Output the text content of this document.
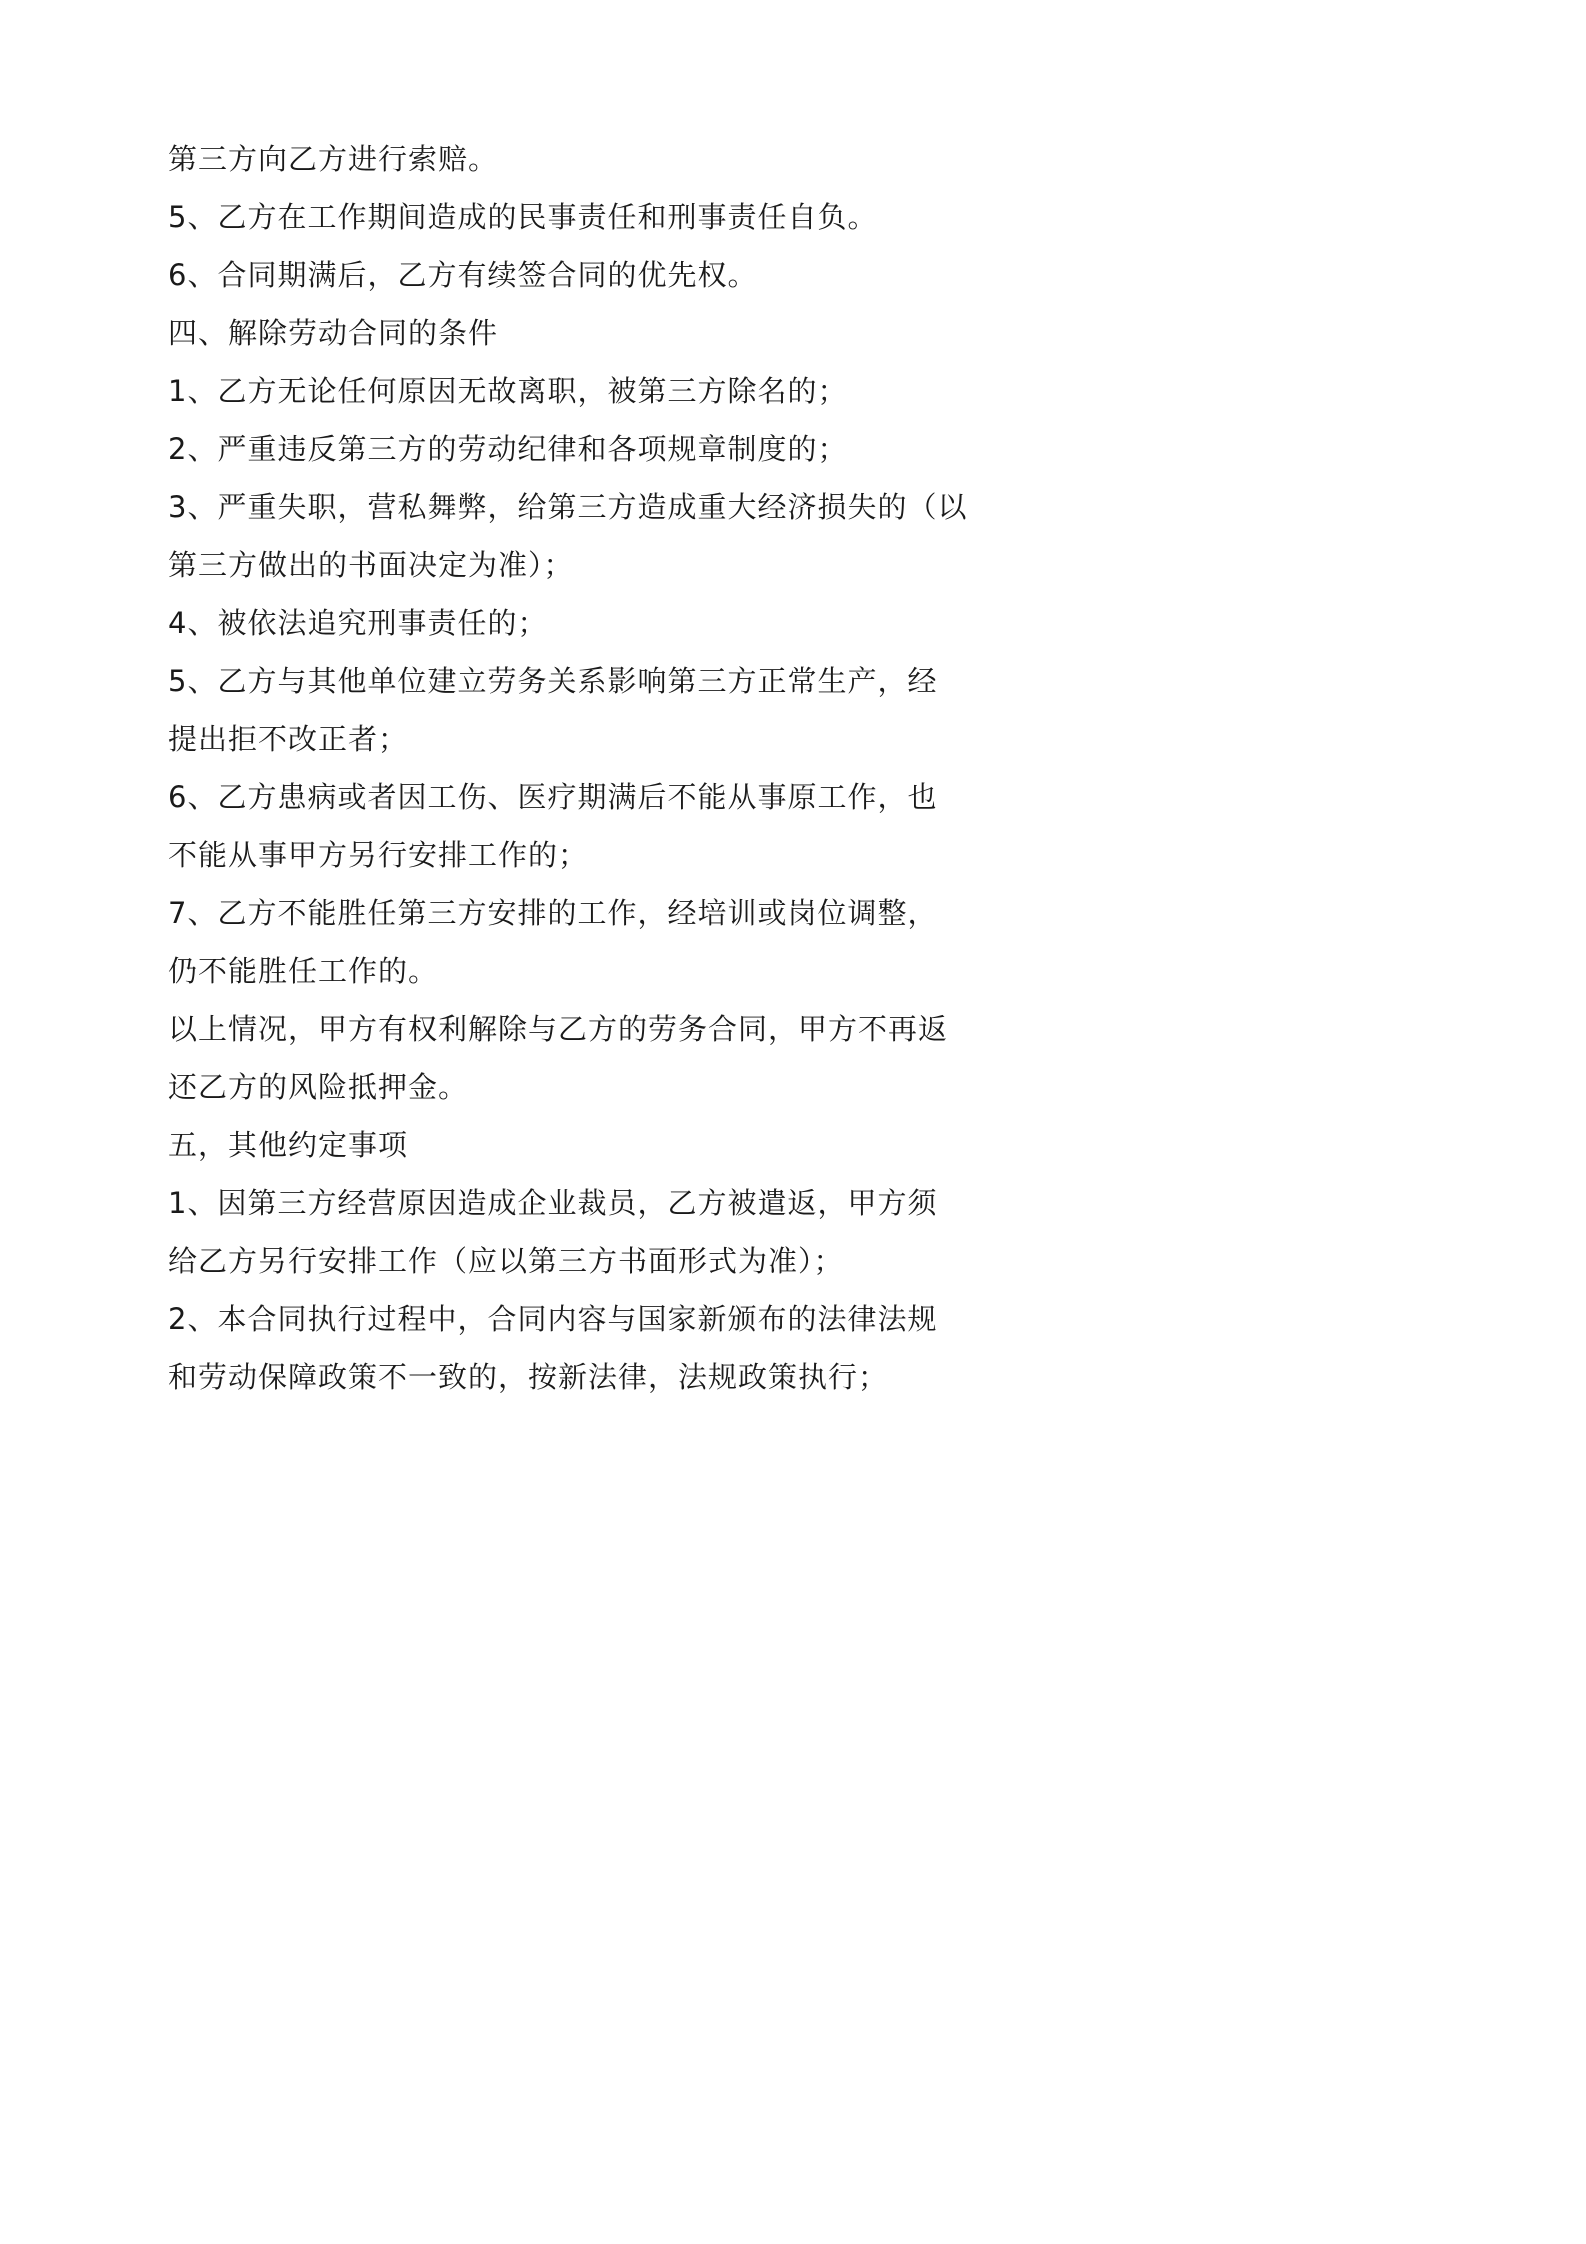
第三方向乙方进行索赔。

5、乙方在工作期间造成的民事责任和刑事责任自负。

6、合同期满后，乙方有续签合同的优先权。

四、解除劳动合同的条件

1、乙方无论任何原因无故离职，被第三方除名的；

2、严重违反第三方的劳动纪律和各项规章制度的；

3、严重失职，营私舞弊，给第三方造成重大经济损失的（以

第三方做出的书面决定为准）；

4、被依法追究刑事责任的；

5、乙方与其他单位建立劳务关系影响第三方正常生产，经

提出拒不改正者；

6、乙方患病或者因工伤、医疗期满后不能从事原工作，也

不能从事甲方另行安排工作的；

7、乙方不能胜任第三方安排的工作，经培训或岗位调整，

仍不能胜任工作的。

以上情况，甲方有权利解除与乙方的劳务合同，甲方不再返

还乙方的风险抵押金。

五，其他约定事项

1、因第三方经营原因造成企业裁员，乙方被遣返，甲方须

给乙方另行安排工作（应以第三方书面形式为准）；

2、本合同执行过程中，合同内容与国家新颁布的法律法规

和劳动保障政策不一致的，按新法律，法规政策执行；
